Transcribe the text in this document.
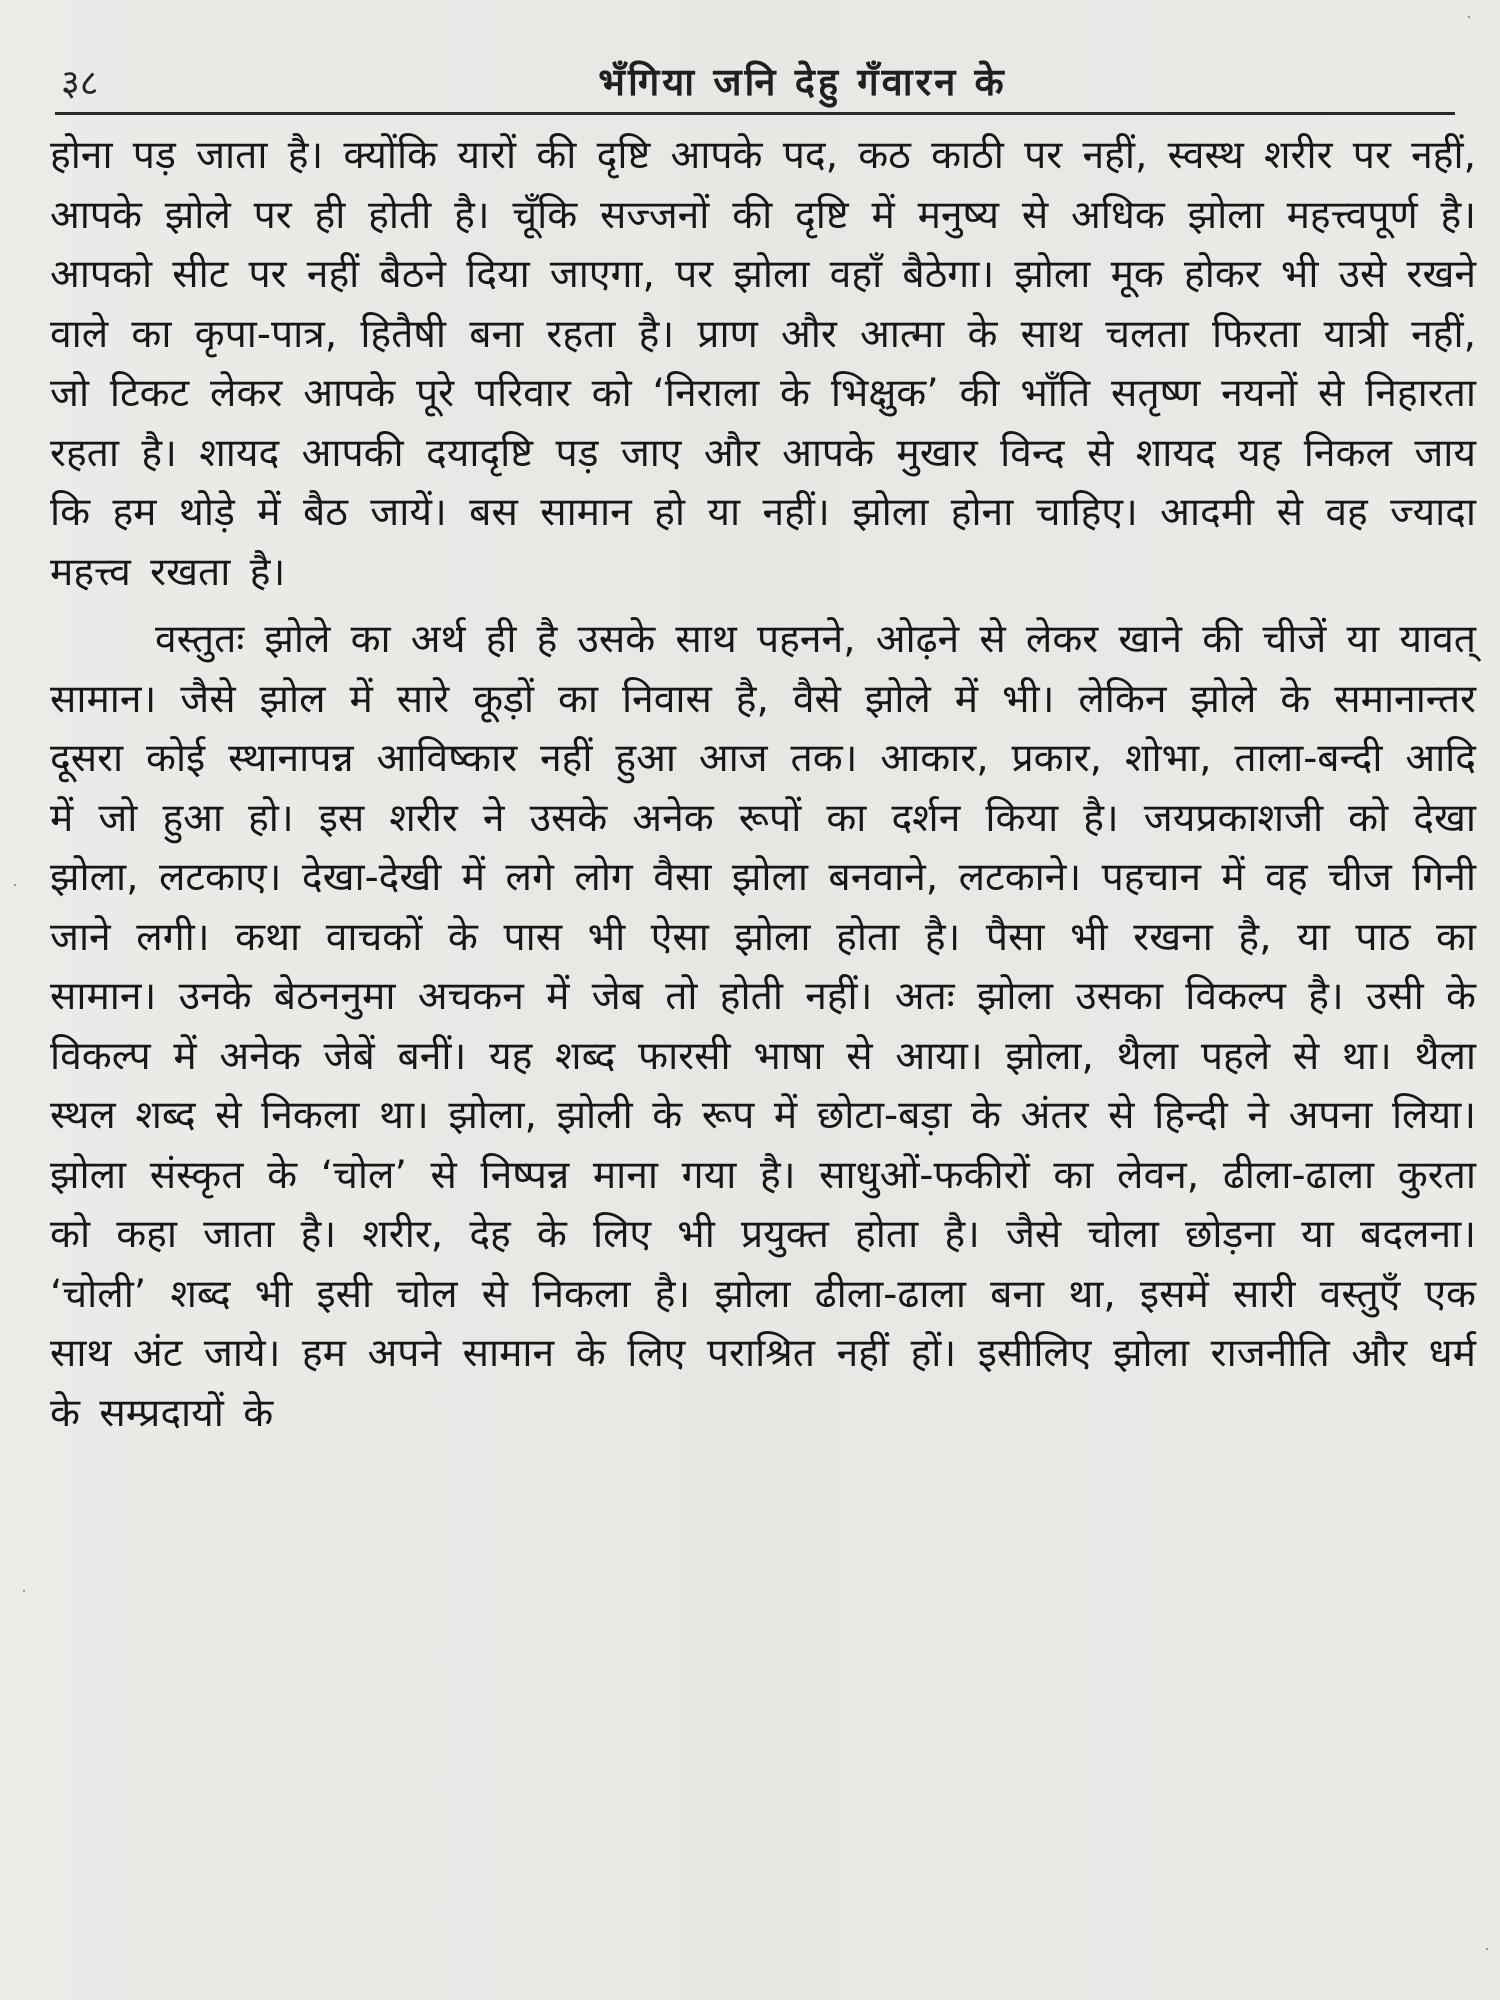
३८	भँगिया जनि देहु गँवारन के

होना पड़ जाता है। क्योंकि यारों की दृष्टि आपके पद, कठ काठी पर नहीं, स्वस्थ शरीर पर नहीं, आपके झोले पर ही होती है। चूँकि सज्जनों की दृष्टि में मनुष्य से अधिक झोला महत्त्वपूर्ण है। आपको सीट पर नहीं बैठने दिया जाएगा, पर झोला वहाँ बैठेगा। झोला मूक होकर भी उसे रखने वाले का कृपा-पात्र, हितैषी बना रहता है। प्राण और आत्मा के साथ चलता फिरता यात्री नहीं, जो टिकट लेकर आपके पूरे परिवार को ‘निराला के भिक्षुक’ की भाँति सतृष्ण नयनों से निहारता रहता है। शायद आपकी दयादृष्टि पड़ जाए और आपके मुखार विन्द से शायद यह निकल जाय कि हम थोड़े में बैठ जायें। बस सामान हो या नहीं। झोला होना चाहिए। आदमी से वह ज्यादा महत्त्व रखता है।

वस्तुतः झोले का अर्थ ही है उसके साथ पहनने, ओढ़ने से लेकर खाने की चीजें या यावत् सामान। जैसे झोल में सारे कूड़ों का निवास है, वैसे झोले में भी। लेकिन झोले के समानान्तर दूसरा कोई स्थानापन्न आविष्कार नहीं हुआ आज तक। आकार, प्रकार, शोभा, ताला-बन्दी आदि में जो हुआ हो। इस शरीर ने उसके अनेक रूपों का दर्शन किया है। जयप्रकाशजी को देखा झोला, लटकाए। देखा-देखी में लगे लोग वैसा झोला बनवाने, लटकाने। पहचान में वह चीज गिनी जाने लगी। कथा वाचकों के पास भी ऐसा झोला होता है। पैसा भी रखना है, या पाठ का सामान। उनके बेठननुमा अचकन में जेब तो होती नहीं। अतः झोला उसका विकल्प है। उसी के विकल्प में अनेक जेबें बनीं। यह शब्द फारसी भाषा से आया। झोला, थैला पहले से था। थैला स्थल शब्द से निकला था। झोला, झोली के रूप में छोटा-बड़ा के अंतर से हिन्दी ने अपना लिया। झोला संस्कृत के ‘चोल’ से निष्पन्न माना गया है। साधुओं-फकीरों का लेवन, ढीला-ढाला कुरता को कहा जाता है। शरीर, देह के लिए भी प्रयुक्त होता है। जैसे चोला छोड़ना या बदलना। ‘चोली’ शब्द भी इसी चोल से निकला है। झोला ढीला-ढाला बना था, इसमें सारी वस्तुएँ एक साथ अंट जाये। हम अपने सामान के लिए पराश्रित नहीं हों। इसीलिए झोला राजनीति और धर्म के सम्प्रदायों के
